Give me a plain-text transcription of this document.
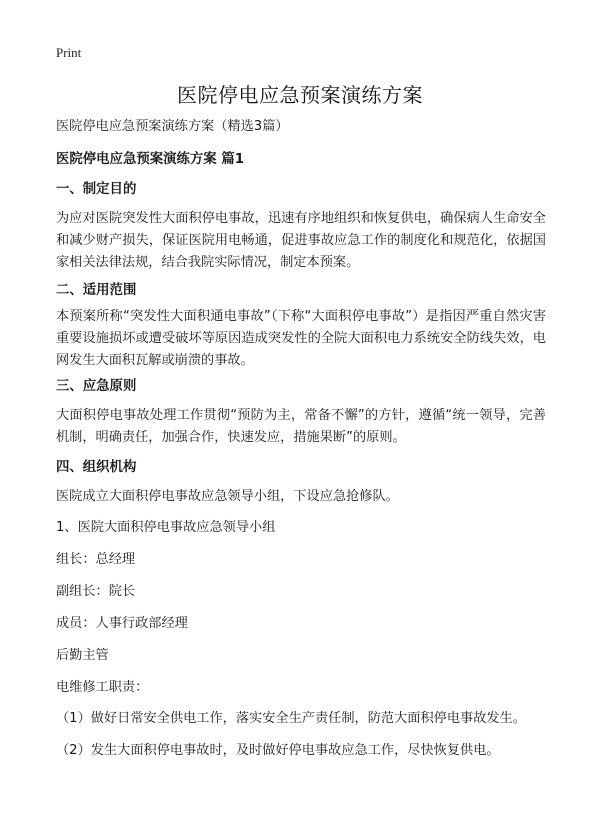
Print
医院停电应急预案演练方案
医院停电应急预案演练方案（精选3篇）
医院停电应急预案演练方案 篇1
一、制定目的
为应对医院突发性大面积停电事故，迅速有序地组织和恢复供电，确保病人生命安全和减少财产损失，保证医院用电畅通，促进事故应急工作的制度化和规范化，依据国家相关法律法规，结合我院实际情况，制定本预案。
二、适用范围
本预案所称“突发性大面积通电事故”（下称“大面积停电事故”）是指因严重自然灾害重要设施损坏或遭受破坏等原因造成突发性的全院大面积电力系统安全防线失效，电网发生大面积瓦解或崩溃的事故。
三、应急原则
大面积停电事故处理工作贯彻“预防为主，常备不懈”的方针，遵循“统一领导，完善机制，明确责任，加强合作，快速发应，措施果断”的原则。
四、组织机构
医院成立大面积停电事故应急领导小组，下设应急抢修队。
1、医院大面积停电事故应急领导小组
组长：总经理
副组长：院长
成员：人事行政部经理
后勤主管
电维修工职责：
（1）做好日常安全供电工作，落实安全生产责任制，防范大面积停电事故发生。
（2）发生大面积停电事故时，及时做好停电事故应急工作，尽快恢复供电。
